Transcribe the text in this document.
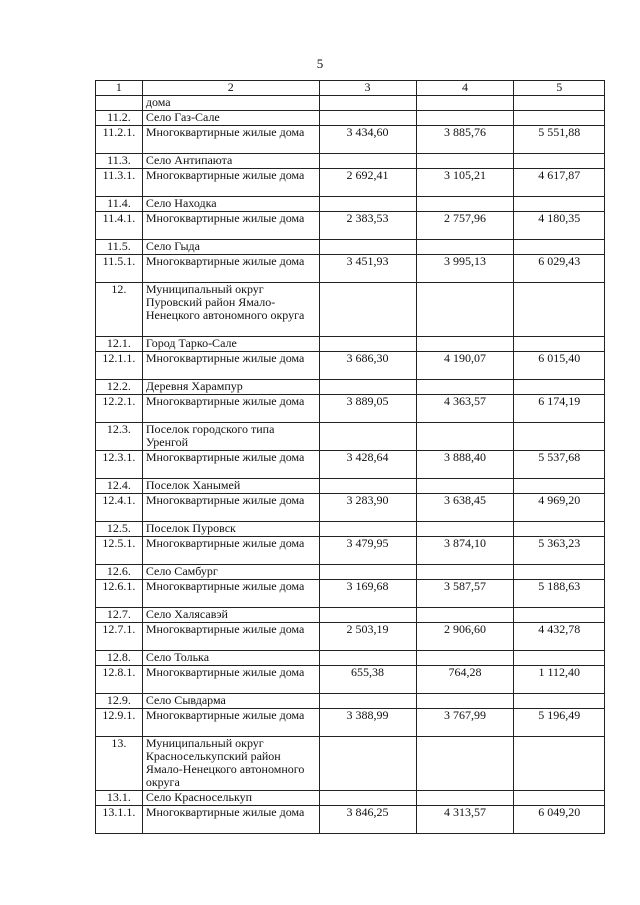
5
1	2	3	4	5
	дома			
11.2.	Село Газ-Сале			
11.2.1.	Многоквартирные жилые дома	3 434,60	3 885,76	5 551,88
11.3.	Село Антипаюта			
11.3.1.	Многоквартирные жилые дома	2 692,41	3 105,21	4 617,87
11.4.	Село Находка			
11.4.1.	Многоквартирные жилые дома	2 383,53	2 757,96	4 180,35
11.5.	Село Гыда			
11.5.1.	Многоквартирные жилые дома	3 451,93	3 995,13	6 029,43
12.	Муниципальный округ Пуровский район Ямало-Ненецкого автономного округа			
12.1.	Город Тарко-Сале			
12.1.1.	Многоквартирные жилые дома	3 686,30	4 190,07	6 015,40
12.2.	Деревня Харампур			
12.2.1.	Многоквартирные жилые дома	3 889,05	4 363,57	6 174,19
12.3.	Поселок городского типа Уренгой			
12.3.1.	Многоквартирные жилые дома	3 428,64	3 888,40	5 537,68
12.4.	Поселок Ханымей			
12.4.1.	Многоквартирные жилые дома	3 283,90	3 638,45	4 969,20
12.5.	Поселок Пуровск			
12.5.1.	Многоквартирные жилые дома	3 479,95	3 874,10	5 363,23
12.6.	Село Самбург			
12.6.1.	Многоквартирные жилые дома	3 169,68	3 587,57	5 188,63
12.7.	Село Халясавэй			
12.7.1.	Многоквартирные жилые дома	2 503,19	2 906,60	4 432,78
12.8.	Село Толька			
12.8.1.	Многоквартирные жилые дома	655,38	764,28	1 112,40
12.9.	Село Сывдарма			
12.9.1.	Многоквартирные жилые дома	3 388,99	3 767,99	5 196,49
13.	Муниципальный округ Красноселькупский район Ямало-Ненецкого автономного округа			
13.1.	Село Красноселькуп			
13.1.1.	Многоквартирные жилые дома	3 846,25	4 313,57	6 049,20
